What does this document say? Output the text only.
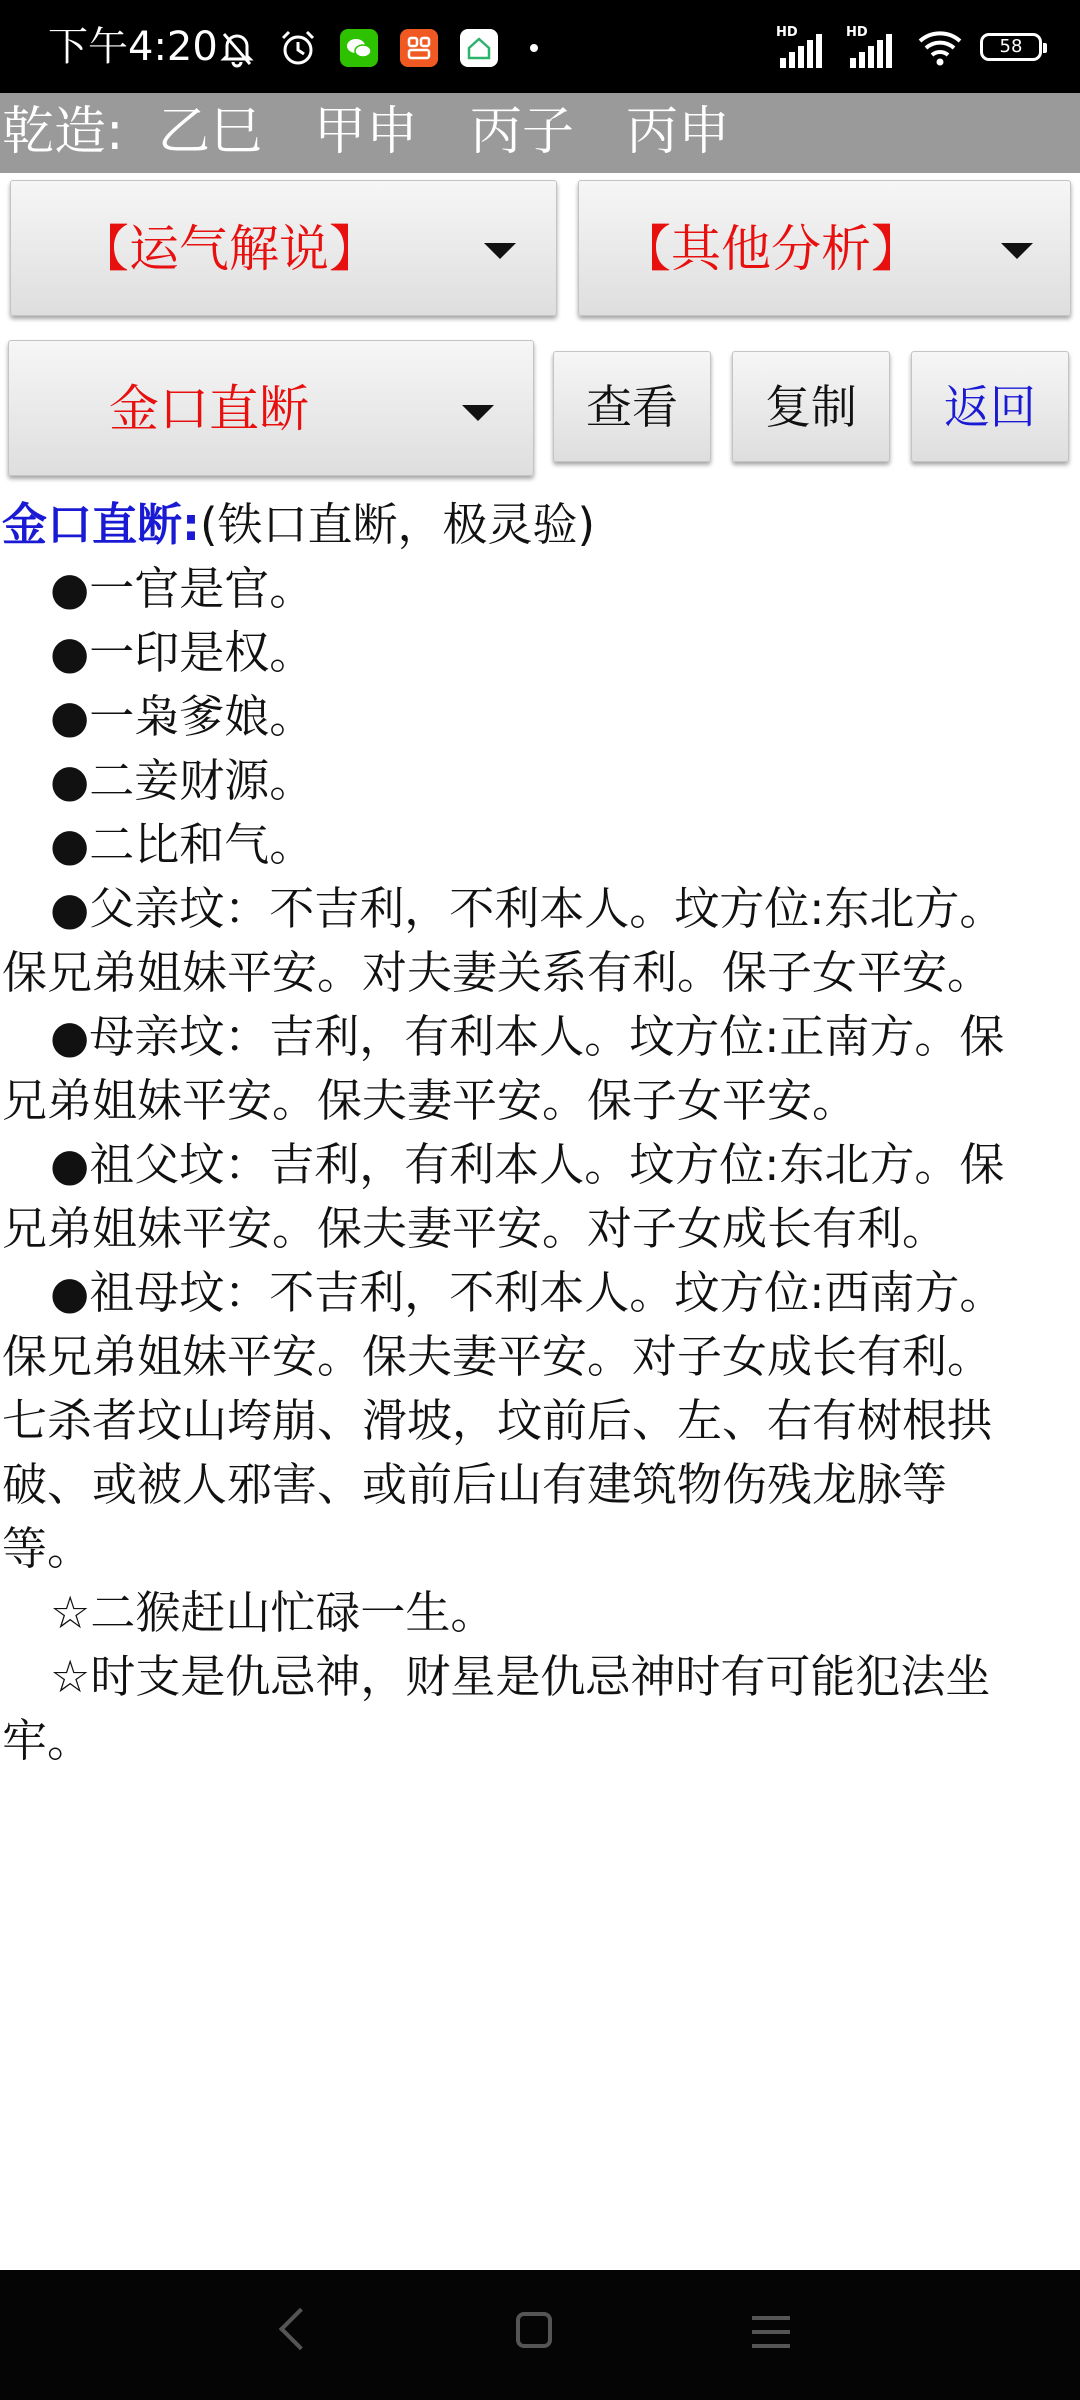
下午4:20	HD	HD
58
乾造: 乙巳 甲申 丙子 丙申
【运气解说】	【其他分析】
金口直断	查看	复制	返回

金口直断:(铁口直断，极灵验)

●一官是官。

●一印是权。

●一枭爹娘。

●二妾财源。

●二比和气。

●父亲坟：不吉利，不利本人。坟方位:东北方。

保兄弟姐妹平安。对夫妻关系有利。保子女平安。

●母亲坟：吉利，有利本人。坟方位:正南方。保

兄弟姐妹平安。保夫妻平安。保子女平安。

●祖父坟：吉利，有利本人。坟方位:东北方。保

兄弟姐妹平安。保夫妻平安。对子女成长有利。

●祖母坟：不吉利，不利本人。坟方位:西南方。

保兄弟姐妹平安。保夫妻平安。对子女成长有利。

七杀者坟山垮崩、滑坡，坟前后、左、右有树根拱

破、或被人邪害、或前后山有建筑物伤残龙脉等

等。

☆二猴赶山忙碌一生。

☆时支是仇忌神，财星是仇忌神时有可能犯法坐

牢。
